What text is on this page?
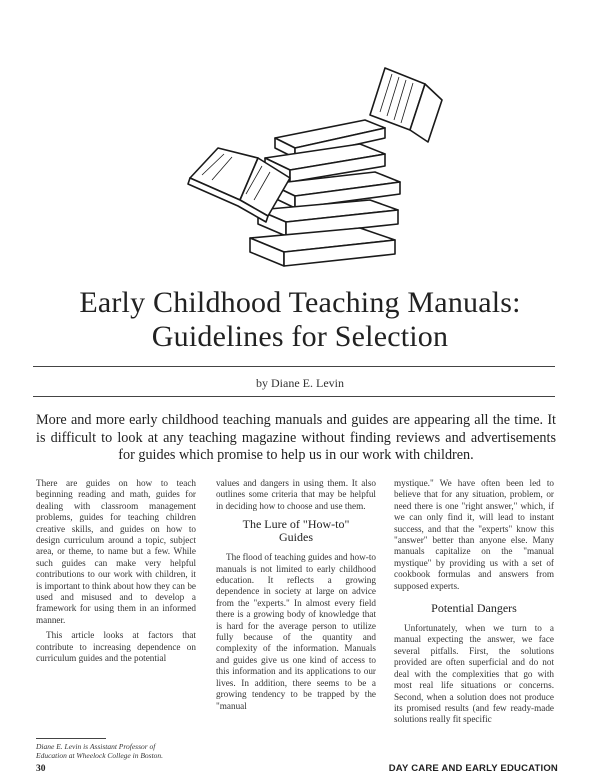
Early Childhood Teaching Manuals:
Guidelines for Selection
by Diane E. Levin
More and more early childhood teaching manuals and guides are appearing all the time. It is difficult to look at any teaching magazine without finding reviews and advertisements for guides which promise to help us in our work with children.

There are guides on how to teach beginning reading and math, guides for dealing with classroom management problems, guides for teaching children creative skills, and guides on how to design curriculum around a topic, subject area, or theme, to name but a few. While such guides can make very helpful contributions to our work with children, it is important to think about how they can be used and misused and to develop a framework for using them in an informed manner.

This article looks at factors that contribute to increasing dependence on curriculum guides and the potential

values and dangers in using them. It also outlines some criteria that may be helpful in deciding how to choose and use them.

The Lure of "How-to"
Guides

The flood of teaching guides and how-to manuals is not limited to early childhood education. It reflects a growing dependence in society at large on advice from the "experts." In almost every field there is a growing body of knowledge that is hard for the average person to utilize fully because of the quantity and complexity of the information. Manuals and guides give us one kind of access to this information and its applications to our lives. In addition, there seems to be a growing tendency to be trapped by the "manual

mystique." We have often been led to believe that for any situation, problem, or need there is one "right answer," which, if we can only find it, will lead to instant success, and that the "experts" know this "answer" better than anyone else. Many manuals capitalize on the "manual mystique" by providing us with a set of cookbook formulas and answers from supposed experts.

Potential Dangers

Unfortunately, when we turn to a manual expecting the answer, we face several pitfalls. First, the solutions provided are often superficial and do not deal with the complexities that go with most real life situations or concerns. Second, when a solution does not produce its promised results (and few ready-made solutions really fit specific

Diane E. Levin is Assistant Professor of
Education at Wheelock College in Boston.
30	DAY CARE AND EARLY EDUCATION
